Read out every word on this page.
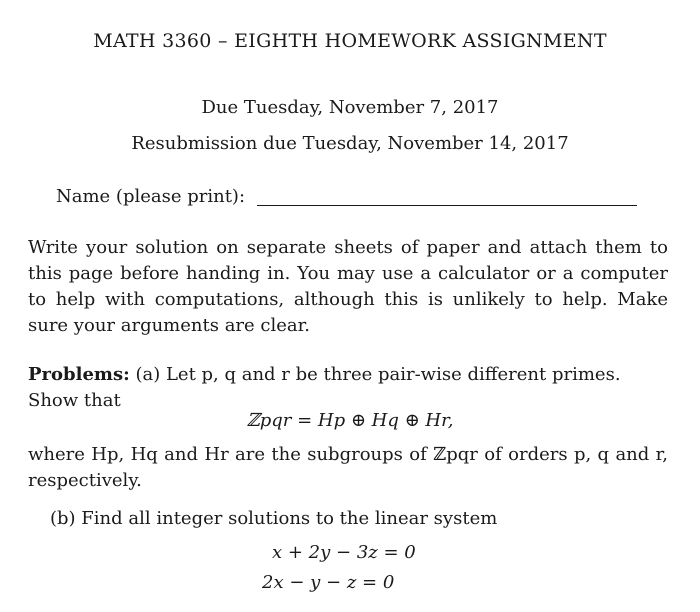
MATH 3360 – EIGHTH HOMEWORK ASSIGNMENT
Due Tuesday, November 7, 2017
Resubmission due Tuesday, November 14, 2017
Name (please print):
Write your solution on separate sheets of paper and attach them to this page before handing in. You may use a calculator or a computer to help with computations, although this is unlikely to help. Make sure your arguments are clear.
Problems: (a) Let p, q and r be three pair-wise different primes. Show that
ℤpqr = Hp ⊕ Hq ⊕ Hr,
where Hp, Hq and Hr are the subgroups of ℤpqr of orders p, q and r, respectively.
(b) Find all integer solutions to the linear system
x + 2y − 3z = 0
2x − y − z = 0
